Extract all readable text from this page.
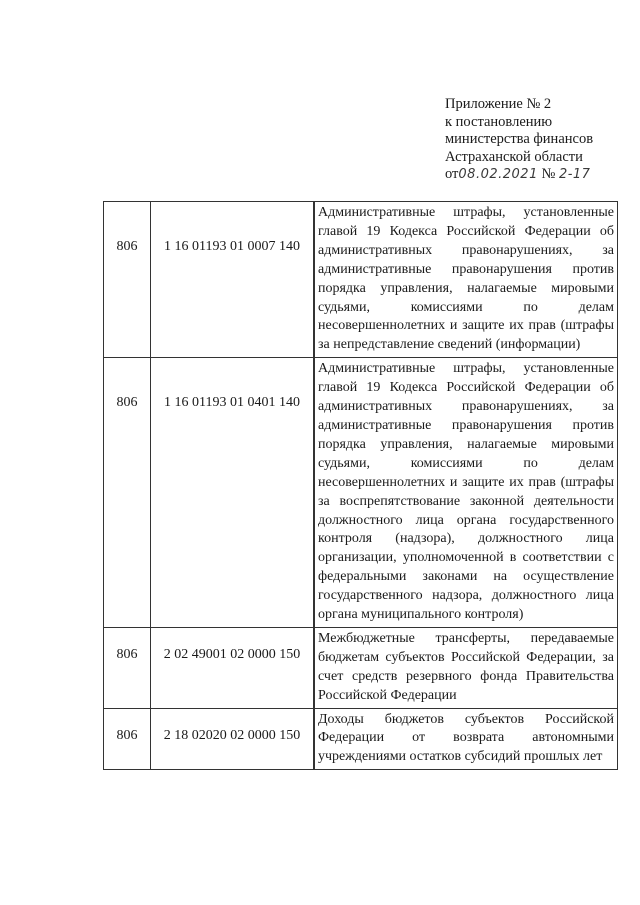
Приложение № 2
к постановлению
министерства финансов
Астраханской области
от08.02.2021 № 2-17
806	1 16 01193 01 0007 140	Административные штрафы, установленные главой 19 Кодекса Российской Федерации об административных правонарушениях, за административные правонарушения против порядка управления, налагаемые мировыми судьями, комиссиями по делам несовершеннолетних и защите их прав (штрафы за непредставление сведений (информации)
806	1 16 01193 01 0401 140	Административные штрафы, установленные главой 19 Кодекса Российской Федерации об административных правонарушениях, за административные правонарушения против порядка управления, налагаемые мировыми судьями, комиссиями по делам несовершеннолетних и защите их прав (штрафы за воспрепятствование законной деятельности должностного лица органа государственного контроля (надзора), должностного лица организации, уполномоченной в соответствии с федеральными законами на осуществление государственного надзора, должностного лица органа муниципального контроля)
806	2 02 49001 02 0000 150	Межбюджетные трансферты, передаваемые бюджетам субъектов Российской Федерации, за счет средств резервного фонда Правительства Российской Федерации
806	2 18 02020 02 0000 150	Доходы бюджетов субъектов Российской Федерации от возврата автономными учреждениями остатков субсидий прошлых лет
